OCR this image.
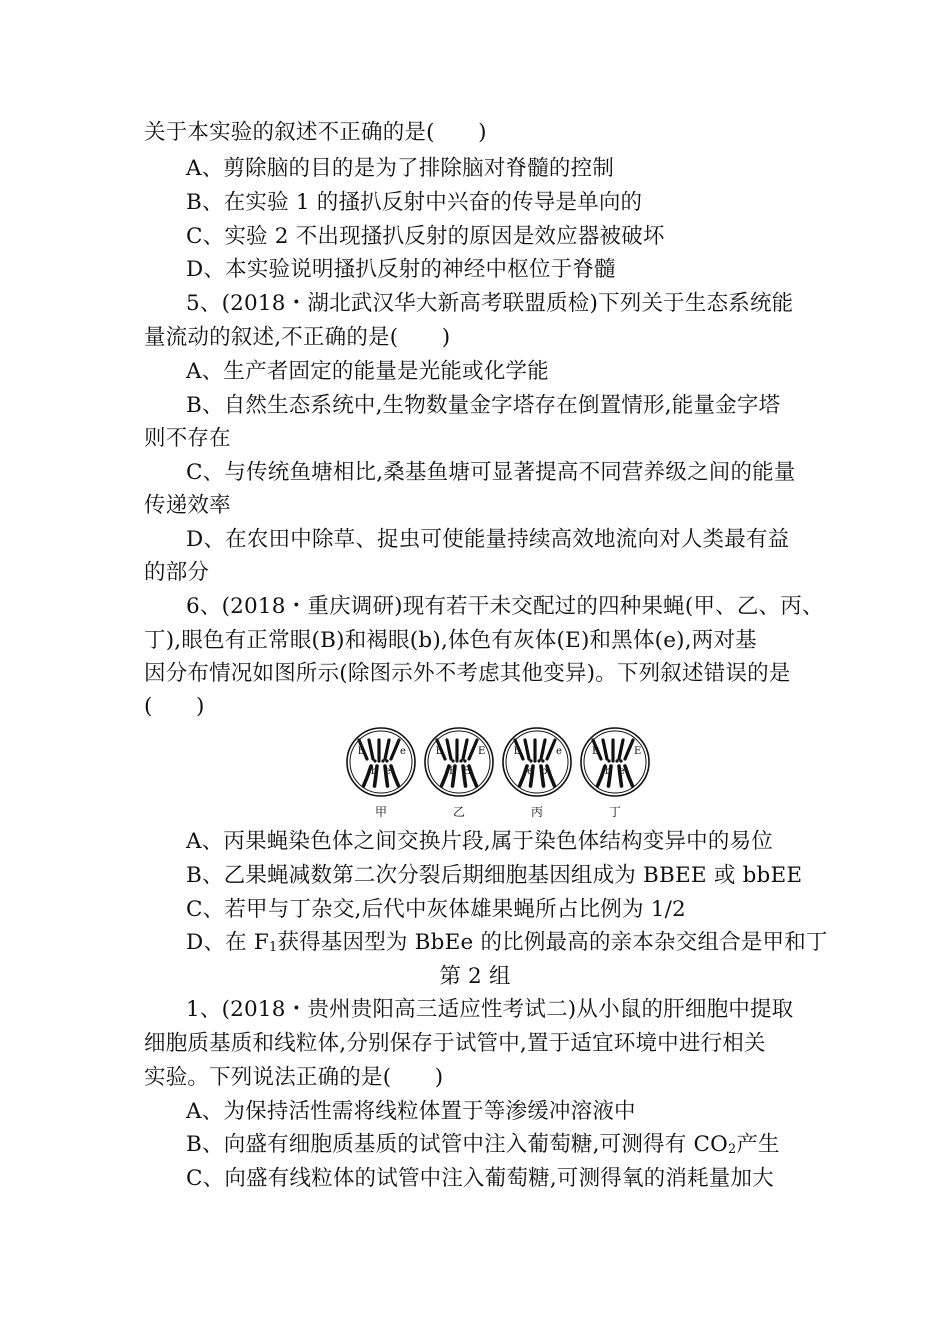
关于本实验的叙述不正确的是(　　)
A、剪除脑的目的是为了排除脑对脊髓的控制
B、在实验 1 的搔扒反射中兴奋的传导是单向的
C、实验 2 不出现搔扒反射的原因是效应器被破坏
D、本实验说明搔扒反射的神经中枢位于脊髓
5、(2018・湖北武汉华大新高考联盟质检)下列关于生态系统能
量流动的叙述,不正确的是(　　)
A、生产者固定的能量是光能或化学能
B、自然生态系统中,生物数量金字塔存在倒置情形,能量金字塔
则不存在
C、与传统鱼塘相比,桑基鱼塘可显著提高不同营养级之间的能量
传递效率
D、在农田中除草、捉虫可使能量持续高效地流向对人类最有益
的部分
6、(2018・重庆调研)现有若干未交配过的四种果蝇(甲、乙、丙、
丁),眼色有正常眼(B)和褐眼(b),体色有灰体(E)和黑体(e),两对基
因分布情况如图所示(除图示外不考虑其他变异)。下列叙述错误的是
(　　)
b	e
b e
b	E
B E
b	e
e b
B	E
b e
甲	乙	丙	丁
A、丙果蝇染色体之间交换片段,属于染色体结构变异中的易位
B、乙果蝇减数第二次分裂后期细胞基因组成为 BBEE 或 bbEE
C、若甲与丁杂交,后代中灰体雄果蝇所占比例为 1/2
D、在 $F_1$获得基因型为 BbEe 的比例最高的亲本杂交组合是甲和丁
第 2 组
1、(2018・贵州贵阳高三适应性考试二)从小鼠的肝细胞中提取
细胞质基质和线粒体,分别保存于试管中,置于适宜环境中进行相关
实验。下列说法正确的是(　　)
A、为保持活性需将线粒体置于等渗缓冲溶液中
B、向盛有细胞质基质的试管中注入葡萄糖,可测得有 $CO_2$产生
C、向盛有线粒体的试管中注入葡萄糖,可测得氧的消耗量加大
